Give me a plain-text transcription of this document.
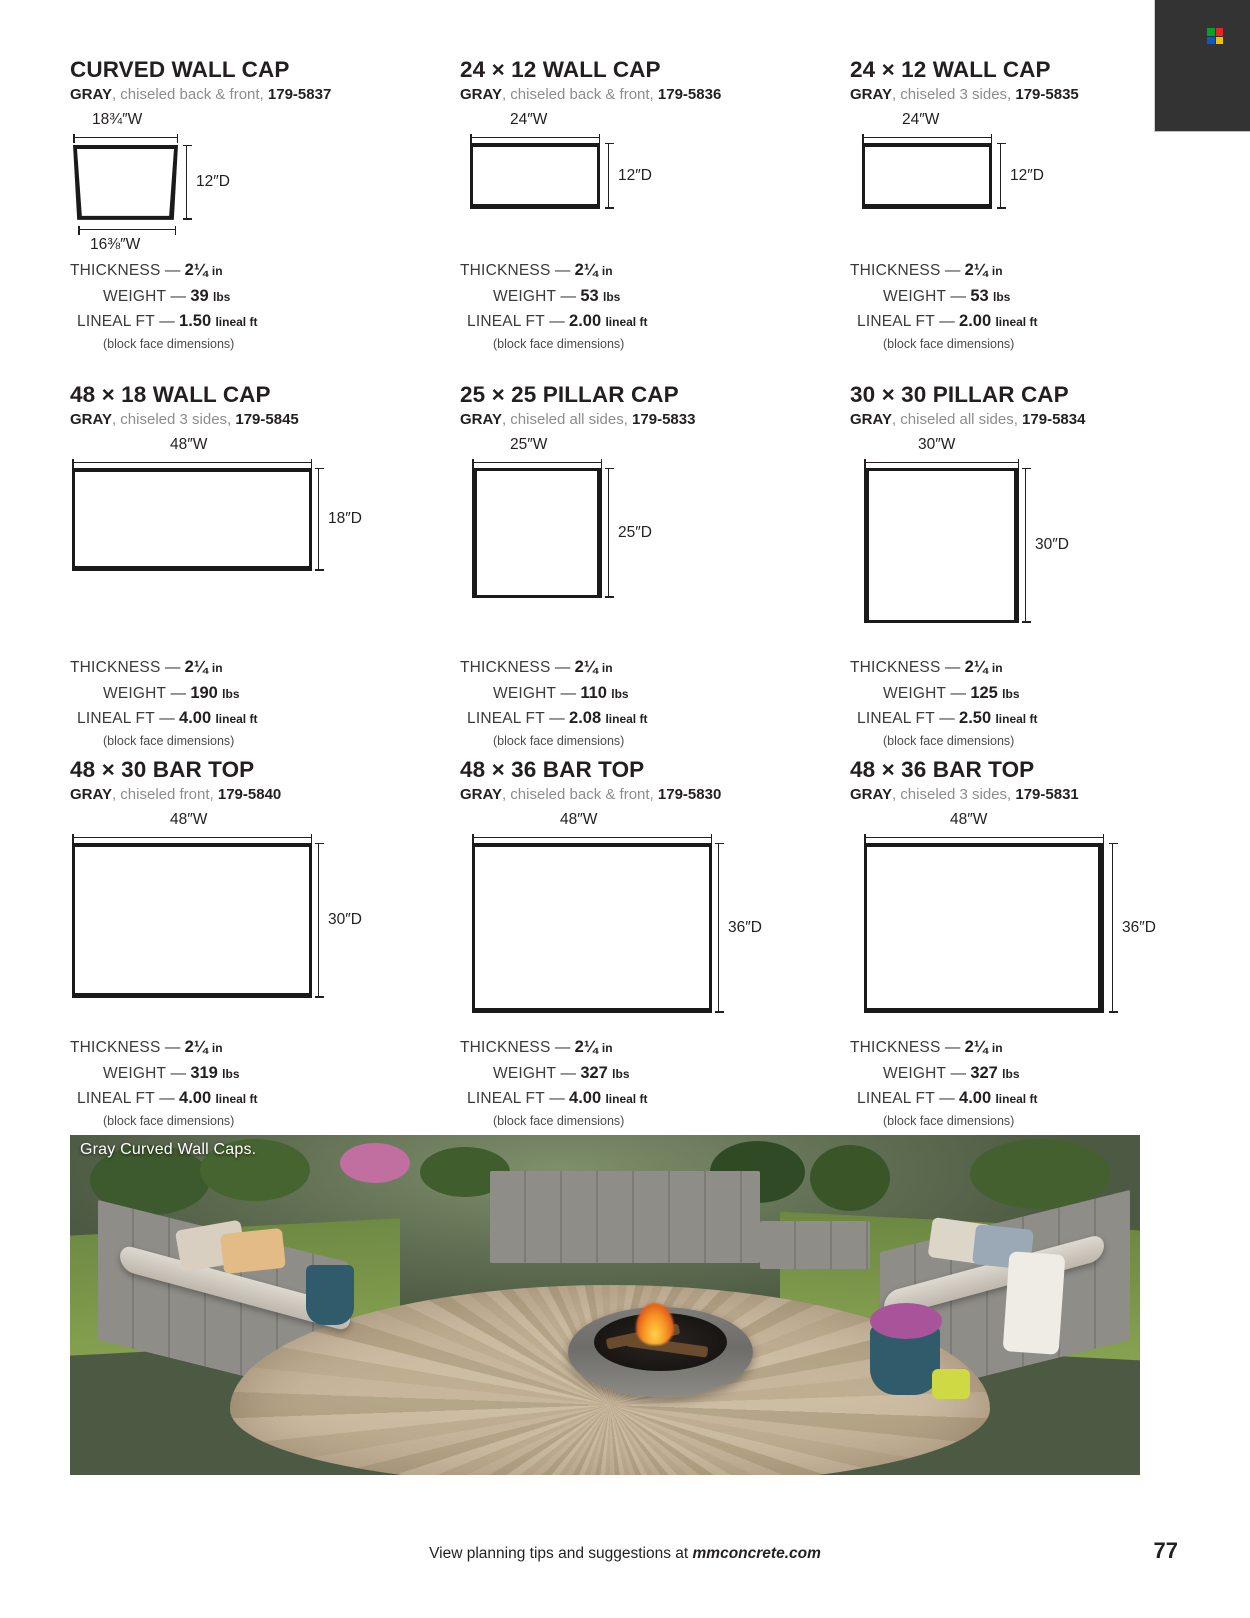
CURVED WALL CAP

GRAY, chiseled back & front, 179-5837

18¾″W
12″D
16⅜″W
THICKNESS — 2¼ in
WEIGHT — 39 lbs
LINEAL FT — 1.50 lineal ft
(block face dimensions)
24 × 12 WALL CAP

GRAY, chiseled back & front, 179-5836

24″W
12″D
THICKNESS — 2¼ in
WEIGHT — 53 lbs
LINEAL FT — 2.00 lineal ft
(block face dimensions)
24 × 12 WALL CAP

GRAY, chiseled 3 sides, 179-5835

24″W
12″D
THICKNESS — 2¼ in
WEIGHT — 53 lbs
LINEAL FT — 2.00 lineal ft
(block face dimensions)
48 × 18 WALL CAP

GRAY, chiseled 3 sides, 179-5845

48″W
18″D
THICKNESS — 2¼ in
WEIGHT — 190 lbs
LINEAL FT — 4.00 lineal ft
(block face dimensions)
25 × 25 PILLAR CAP

GRAY, chiseled all sides, 179-5833

25″W
25″D
THICKNESS — 2¼ in
WEIGHT — 110 lbs
LINEAL FT — 2.08 lineal ft
(block face dimensions)
30 × 30 PILLAR CAP

GRAY, chiseled all sides, 179-5834

30″W
30″D
THICKNESS — 2¼ in
WEIGHT — 125 lbs
LINEAL FT — 2.50 lineal ft
(block face dimensions)
48 × 30 BAR TOP

GRAY, chiseled front, 179-5840

48″W
30″D
THICKNESS — 2¼ in
WEIGHT — 319 lbs
LINEAL FT — 4.00 lineal ft
(block face dimensions)
48 × 36 BAR TOP

GRAY, chiseled back & front, 179-5830

48″W
36″D
THICKNESS — 2¼ in
WEIGHT — 327 lbs
LINEAL FT — 4.00 lineal ft
(block face dimensions)
48 × 36 BAR TOP

GRAY, chiseled 3 sides, 179-5831

48″W
36″D
THICKNESS — 2¼ in
WEIGHT — 327 lbs
LINEAL FT — 4.00 lineal ft
(block face dimensions)
Gray Curved Wall Caps.
View planning tips and suggestions at mmconcrete.com	77
